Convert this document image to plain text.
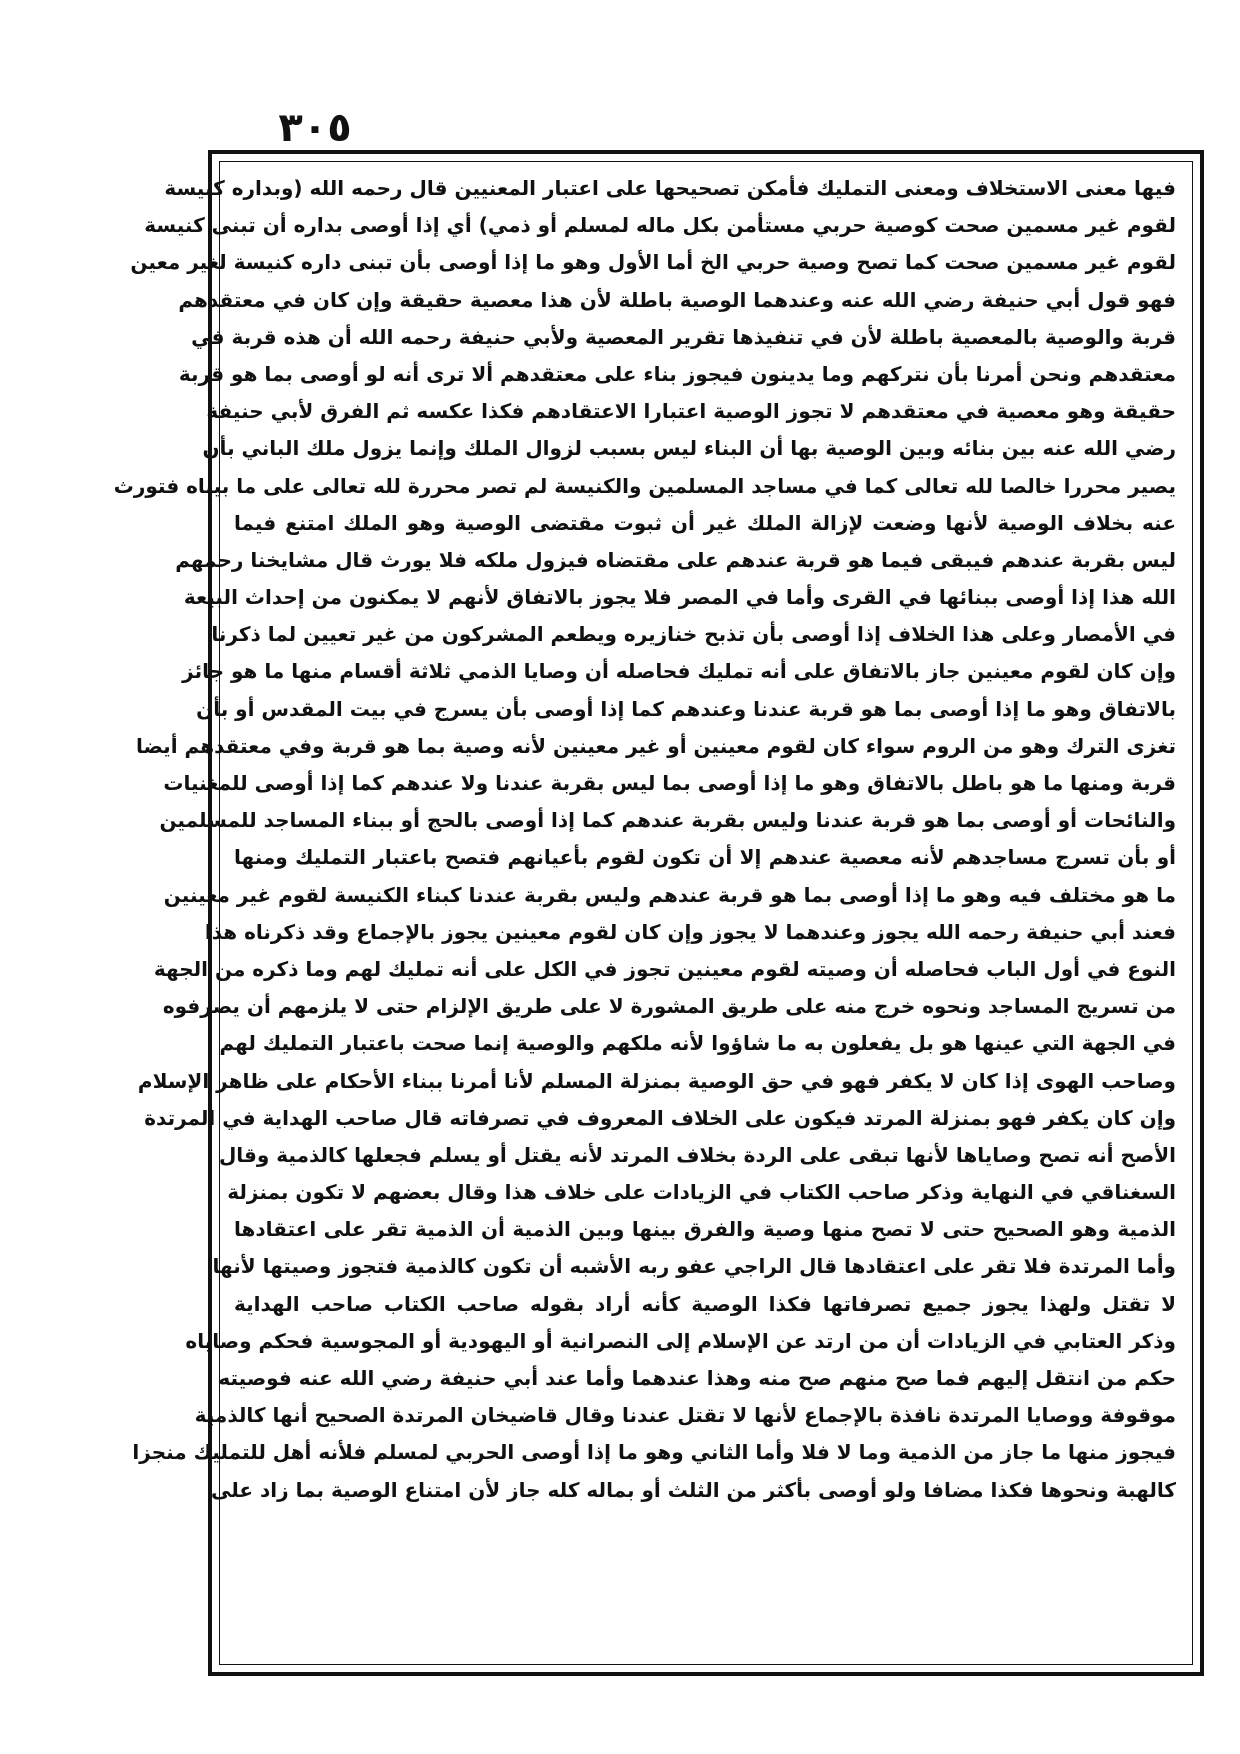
٣٠٥
فيها معنى الاستخلاف ومعنى التمليك فأمكن تصحيحها على اعتبار المعنيين قال رحمه الله (وبداره كنيسة
لقوم غير مسمين صحت كوصية حربي مستأمن بكل ماله لمسلم أو ذمي) أي إذا أوصى بداره أن تبنى كنيسة
لقوم غير مسمين صحت كما تصح وصية حربي الخ أما الأول وهو ما إذا أوصى بأن تبنى داره كنيسة لغير معين
فهو قول أبي حنيفة رضي الله عنه وعندهما الوصية باطلة لأن هذا معصية حقيقة وإن كان في معتقدهم
قربة والوصية بالمعصية باطلة لأن في تنفيذها تقرير المعصية ولأبي حنيفة رحمه الله أن هذه قربة في
معتقدهم ونحن أمرنا بأن نتركهم وما يدينون فيجوز بناء على معتقدهم ألا ترى أنه لو أوصى بما هو قربة
حقيقة وهو معصية في معتقدهم لا تجوز الوصية اعتبارا الاعتقادهم فكذا عكسه ثم الفرق لأبي حنيفة
رضي الله عنه بين بنائه وبين الوصية بها أن البناء ليس بسبب لزوال الملك وإنما يزول ملك الباني بأن
يصير محررا خالصا لله تعالى كما في مساجد المسلمين والكنيسة لم تصر محررة لله تعالى على ما بيناه فتورث
عنه بخلاف الوصية لأنها وضعت لإزالة الملك غير أن ثبوت مقتضى الوصية وهو الملك امتنع فيما
ليس بقربة عندهم فيبقى فيما هو قربة عندهم على مقتضاه فيزول ملكه فلا يورث قال مشايخنا رحمهم
الله هذا إذا أوصى ببنائها في القرى وأما في المصر فلا يجوز بالاتفاق لأنهم لا يمكنون من إحداث البيعة
في الأمصار وعلى هذا الخلاف إذا أوصى بأن تذبح خنازيره ويطعم المشركون من غير تعيين لما ذكرنا
وإن كان لقوم معينين جاز بالاتفاق على أنه تمليك فحاصله أن وصايا الذمي ثلاثة أقسام منها ما هو جائز
بالاتفاق وهو ما إذا أوصى بما هو قربة عندنا وعندهم كما إذا أوصى بأن يسرج في بيت المقدس أو بأن
تغزى الترك وهو من الروم سواء كان لقوم معينين أو غير معينين لأنه وصية بما هو قربة وفي معتقدهم أيضا
قربة ومنها ما هو باطل بالاتفاق وهو ما إذا أوصى بما ليس بقربة عندنا ولا عندهم كما إذا أوصى للمغنيات
والنائحات أو أوصى بما هو قربة عندنا وليس بقربة عندهم كما إذا أوصى بالحج أو ببناء المساجد للمسلمين
أو بأن تسرج مساجدهم لأنه معصية عندهم إلا أن تكون لقوم بأعيانهم فتصح باعتبار التمليك ومنها
ما هو مختلف فيه وهو ما إذا أوصى بما هو قربة عندهم وليس بقربة عندنا كبناء الكنيسة لقوم غير معينين
فعند أبي حنيفة رحمه الله يجوز وعندهما لا يجوز وإن كان لقوم معينين يجوز بالإجماع وقد ذكرناه هذا
النوع في أول الباب فحاصله أن وصيته لقوم معينين تجوز في الكل على أنه تمليك لهم وما ذكره من الجهة
من تسريج المساجد ونحوه خرج منه على طريق المشورة لا على طريق الإلزام حتى لا يلزمهم أن يصرفوه
في الجهة التي عينها هو بل يفعلون به ما شاؤوا لأنه ملكهم والوصية إنما صحت باعتبار التمليك لهم
وصاحب الهوى إذا كان لا يكفر فهو في حق الوصية بمنزلة المسلم لأنا أمرنا ببناء الأحكام على ظاهر الإسلام
وإن كان يكفر فهو بمنزلة المرتد فيكون على الخلاف المعروف في تصرفاته قال صاحب الهداية في المرتدة
الأصح أنه تصح وصاياها لأنها تبقى على الردة بخلاف المرتد لأنه يقتل أو يسلم فجعلها كالذمية وقال
السغناقي في النهاية وذكر صاحب الكتاب في الزيادات على خلاف هذا وقال بعضهم لا تكون بمنزلة
الذمية وهو الصحيح حتى لا تصح منها وصية والفرق بينها وبين الذمية أن الذمية تقر على اعتقادها
وأما المرتدة فلا تقر على اعتقادها قال الراجي عفو ربه الأشبه أن تكون كالذمية فتجوز وصيتها لأنها
لا تقتل ولهذا يجوز جميع تصرفاتها فكذا الوصية كأنه أراد بقوله صاحب الكتاب صاحب الهداية
وذكر العتابي في الزيادات أن من ارتد عن الإسلام إلى النصرانية أو اليهودية أو المجوسية فحكم وصاياه
حكم من انتقل إليهم فما صح منهم صح منه وهذا عندهما وأما عند أبي حنيفة رضي الله عنه فوصيته
موقوفة ووصايا المرتدة نافذة بالإجماع لأنها لا تقتل عندنا وقال قاضيخان المرتدة الصحيح أنها كالذمية
فيجوز منها ما جاز من الذمية وما لا فلا وأما الثاني وهو ما إذا أوصى الحربي لمسلم فلأنه أهل للتمليك منجزا
كالهبة ونحوها فكذا مضافا ولو أوصى بأكثر من الثلث أو بماله كله جاز لأن امتناع الوصية بما زاد على
